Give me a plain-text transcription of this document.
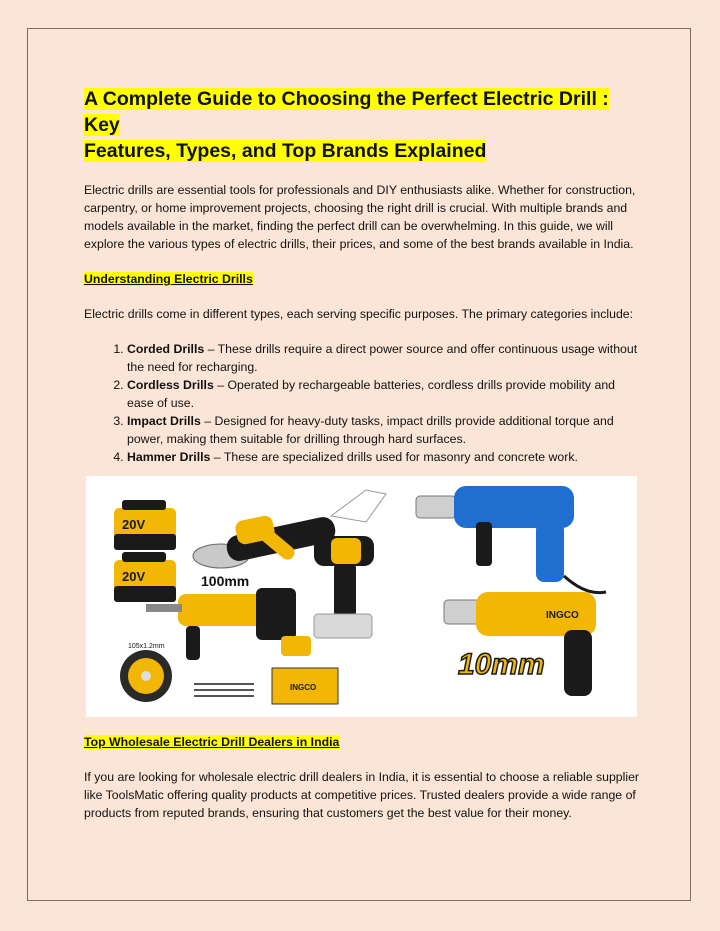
A Complete Guide to Choosing the Perfect Electric Drill : Key
Features, Types, and Top Brands Explained

Electric drills are essential tools for professionals and DIY enthusiasts alike. Whether for construction, carpentry, or home improvement projects, choosing the right drill is crucial. With multiple brands and models available in the market, finding the perfect drill can be overwhelming. In this guide, we will explore the various types of electric drills, their prices, and some of the best brands available in India.

Understanding Electric Drills

Electric drills come in different types, each serving specific purposes. The primary categories include:

1. Corded Drills – These drills require a direct power source and offer continuous usage without the need for recharging.
2. Cordless Drills – Operated by rechargeable batteries, cordless drills provide mobility and ease of use.
3. Impact Drills – Designed for heavy-duty tasks, impact drills provide additional torque and power, making them suitable for drilling through hard surfaces.
4. Hammer Drills – These are specialized drills used for masonry and concrete work.
20V
20V	100mm
105x1.2mm
INGCO
INGCO
10mm

Top Wholesale Electric Drill Dealers in India

If you are looking for wholesale electric drill dealers in India, it is essential to choose a reliable supplier like ToolsMatic offering quality products at competitive prices. Trusted dealers provide a wide range of products from reputed brands, ensuring that customers get the best value for their money.
